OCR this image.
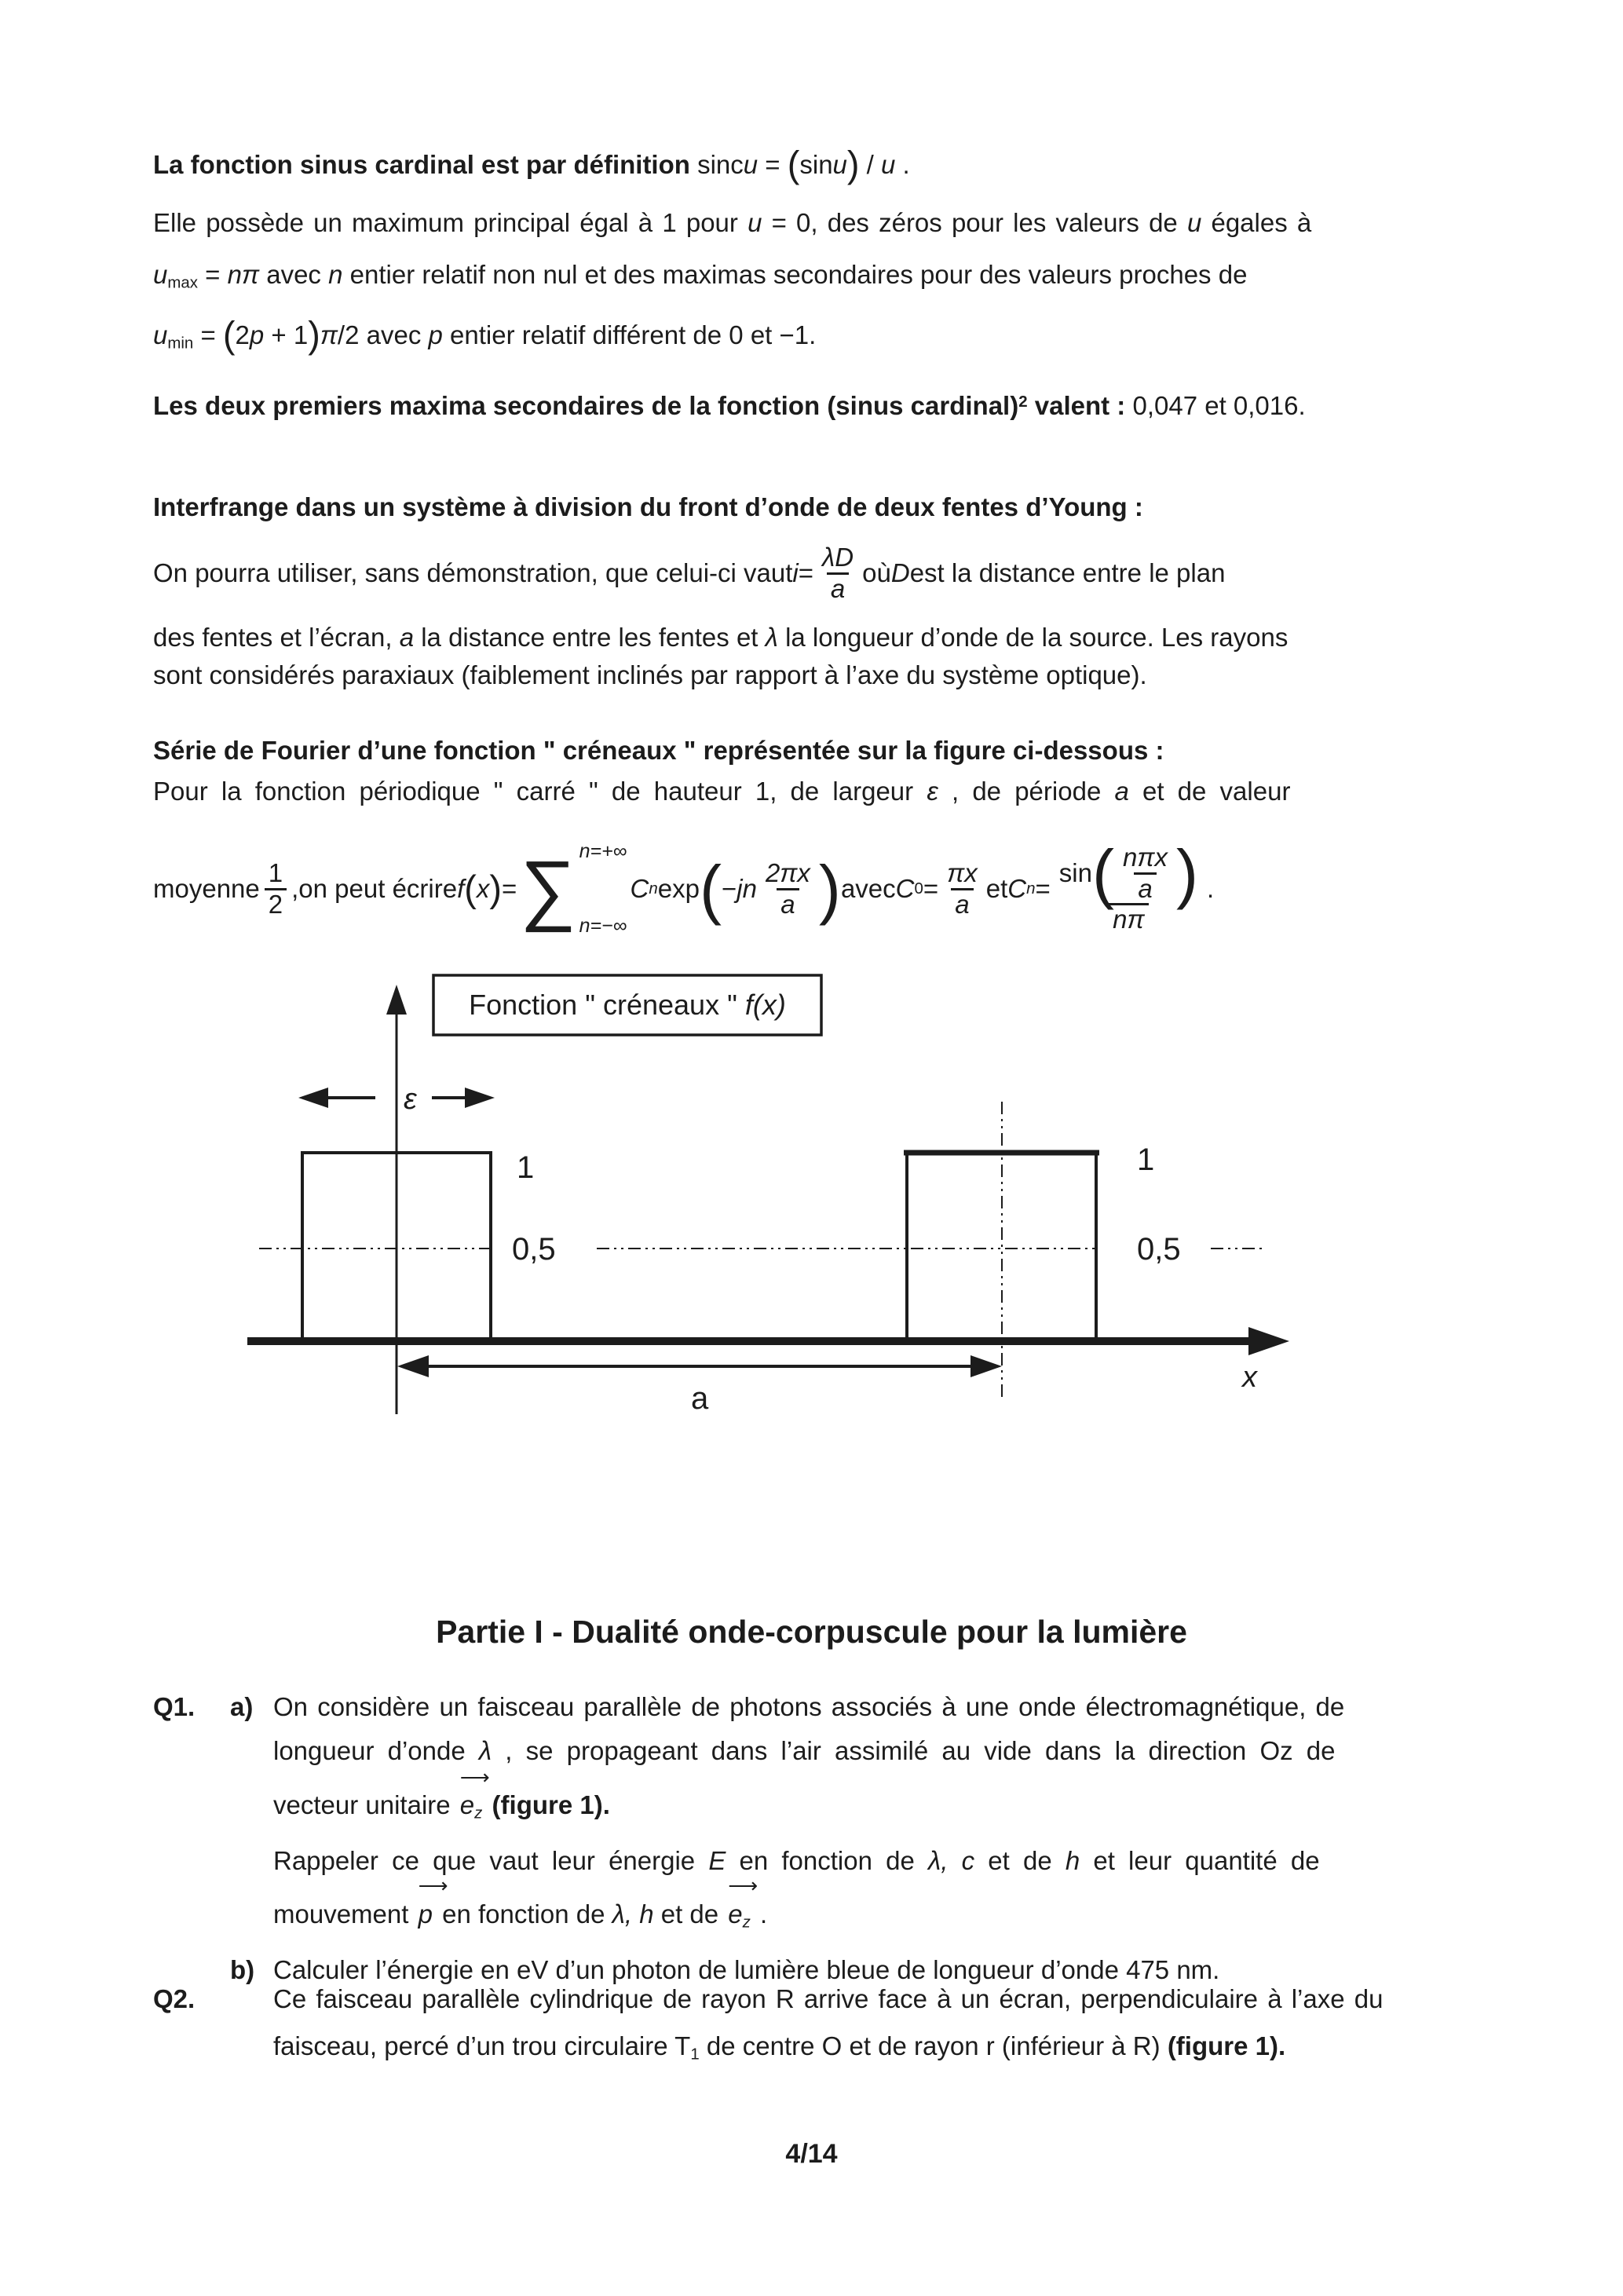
La fonction sinus cardinal est par définition sincu = (sinu) / u .
Elle possède un maximum principal égal à 1 pour u = 0, des zéros pour les valeurs de u égales à
$u_{max} = n\pi$ avec n entier relatif non nul et des maximas secondaires pour des valeurs proches de
$u_{min} = (2p + 1)\pi/2$ avec p entier relatif différent de 0 et −1.
Les deux premiers maxima secondaires de la fonction (sinus cardinal)$^2$ valent : 0,047 et 0,016.
Interfrange dans un système à division du front d’onde de deux fentes d’Young :
On pourra utiliser, sans démonstration, que celui-ci vaut $i = \frac{\lambda D}{a}$ où D est la distance entre le plan
des fentes et l’écran, a la distance entre les fentes et λ la longueur d’onde de la source. Les rayons
sont considérés paraxiaux (faiblement inclinés par rapport à l’axe du système optique).
Série de Fourier d’une fonction " créneaux " représentée sur la figure ci-dessous :
Pour la fonction périodique " carré " de hauteur 1, de largeur ε , de période a et de valeur
moyenne $\frac{1}{2}$ , on peut écrire f ( x ) = ∑ n=+∞
n=−∞
C n exp ( − jn $\frac{2\pi x}{a}$ ) avec C $0 = \frac{\pi x}{a}$ et C n =
sin ( nπx
a )
nπ
.
Fonction " créneaux " f(x)
ε
1	1
0,5	0,5
a
x
Partie I - Dualité onde-corpuscule pour la lumière
Q1.	a) On considère un faisceau parallèle de photons associés à une onde électromagnétique, de
longueur d’onde λ , se propageant dans l’air assimilé au vide dans la direction Oz de
vecteur unitaire
⟶
$e_z$ (figure 1).
Rappeler ce que vaut leur énergie E en fonction de λ, c et de h et leur quantité de
mouvement
⟶
p en fonction de λ, h et de
⟶
$e_z$ .
b) Calculer l’énergie en eV d’un photon de lumière bleue de longueur d’onde 475 nm.
Q2.	Ce faisceau parallèle cylindrique de rayon R arrive face à un écran, perpendiculaire à l’axe du
faisceau, percé d’un trou circulaire $T_1$ de centre O et de rayon r (inférieur à R) (figure 1).
4/14
